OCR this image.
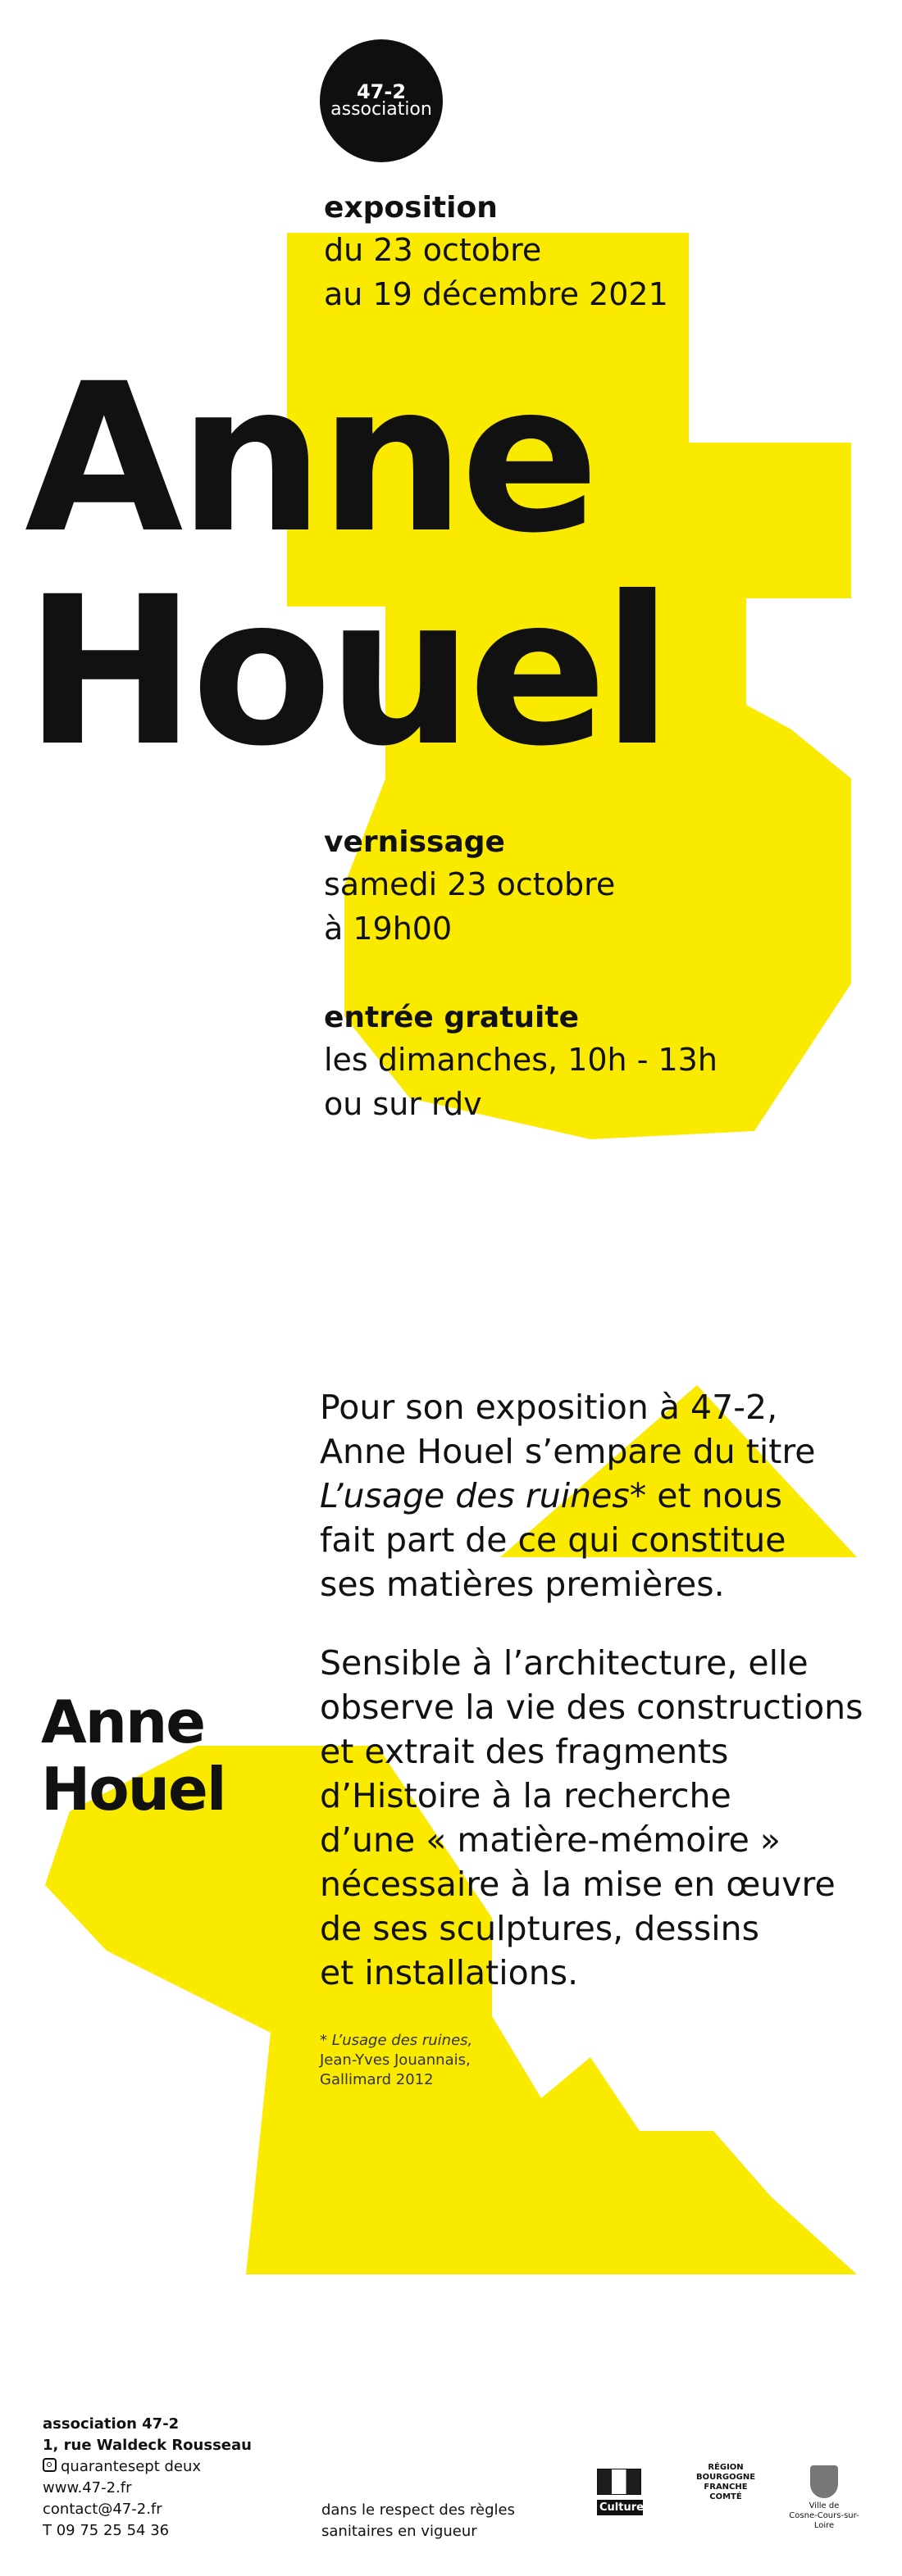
47-2
association
exposition
du 23 octobre
au 19 décembre 2021
Anne
Houel
vernissage
samedi 23 octobre
à 19h00
entrée gratuite
les dimanches, 10h - 13h
ou sur rdv
Pour son exposition à 47-2,
Anne Houel s’empare du titre
L’usage des ruines* et nous
fait part de ce qui constitue
ses matières premières.
Sensible à l’architecture, elle
observe la vie des constructions
et extrait des fragments
d’Histoire à la recherche
d’une « matière-mémoire »
nécessaire à la mise en œuvre
de ses sculptures, dessins
et installations.
Anne
Houel
* L’usage des ruines,
Jean-Yves Jouannais,
Gallimard 2012
association 47-2
1, rue Waldeck Rousseau
quarantesept deux
www.47-2.fr
contact@47-2.fr
T 09 75 25 54 36
dans le respect des règles
sanitaires en vigueur
Culture
RÉGION
BOURGOGNE
FRANCHE
COMTÉ
Ville de
Cosne-Cours-sur-Loire
